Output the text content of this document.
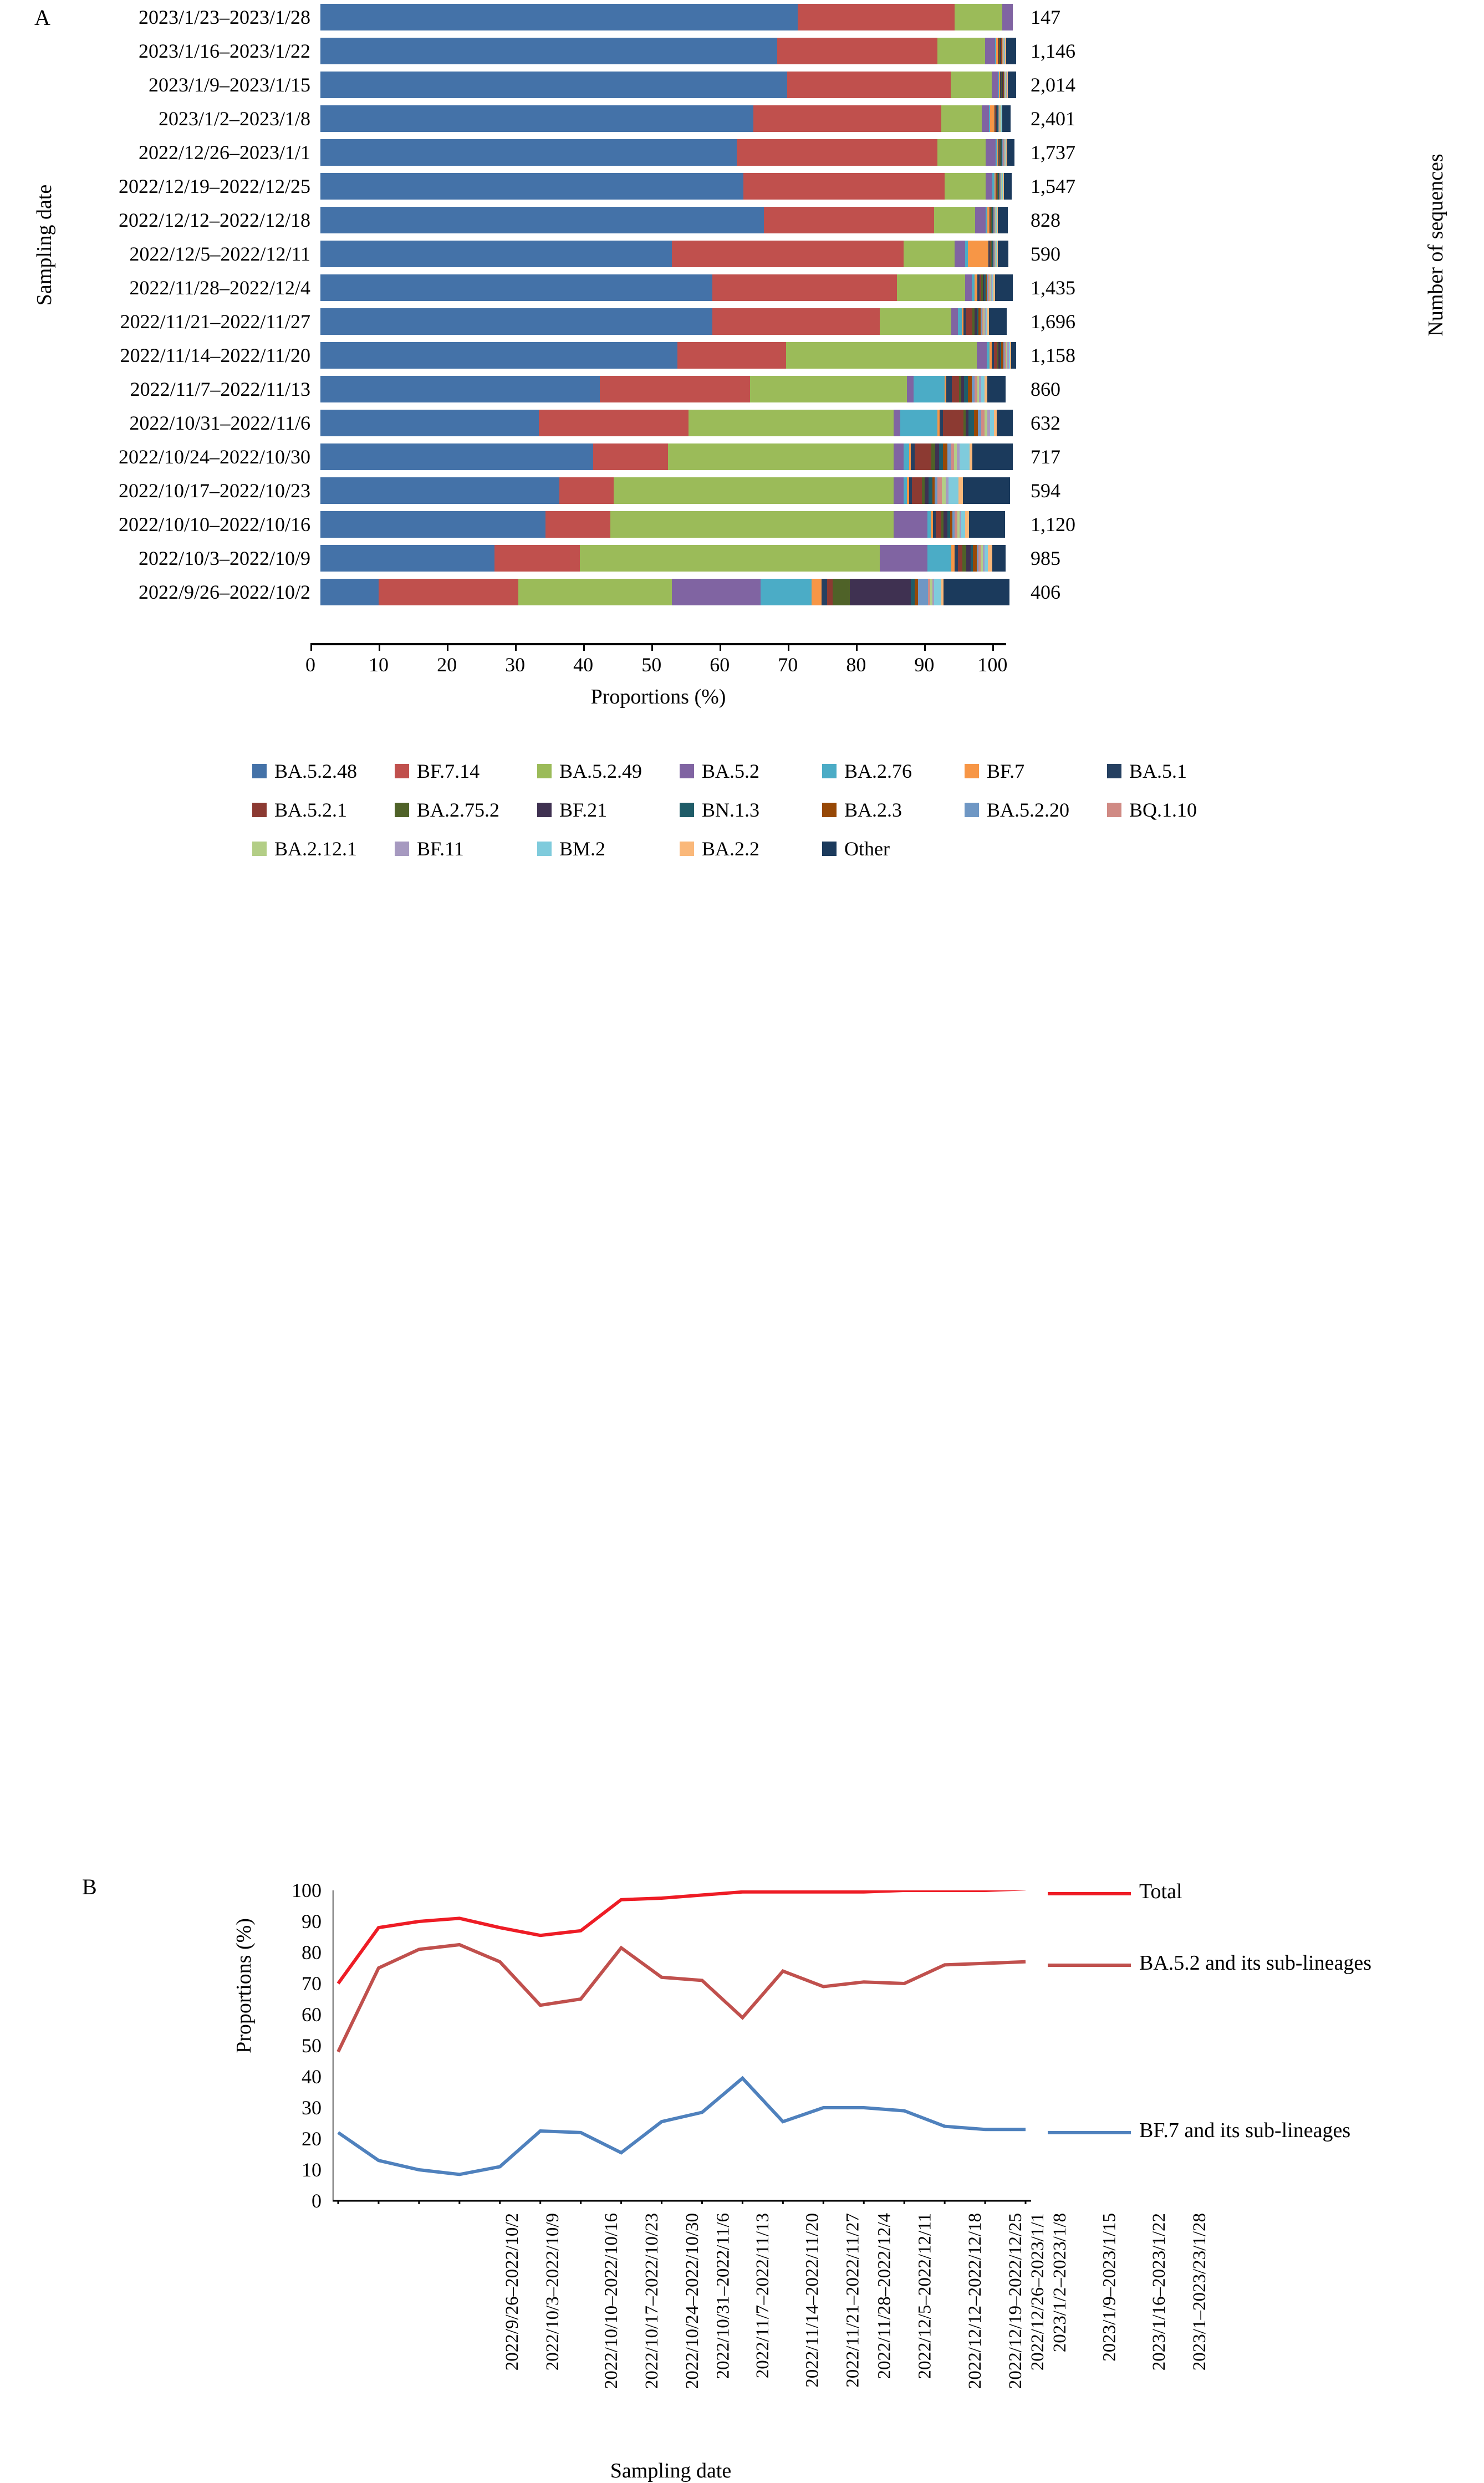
A
Sampling date	Number of sequences
2023/1/23–2023/1/28	147
2023/1/16–2023/1/22	1,146
2023/1/9–2023/1/15	2,014
2023/1/2–2023/1/8	2,401
2022/12/26–2023/1/1	1,737
2022/12/19–2022/12/25	1,547
2022/12/12–2022/12/18	828
2022/12/5–2022/12/11	590
2022/11/28–2022/12/4	1,435
2022/11/21–2022/11/27	1,696
2022/11/14–2022/11/20	1,158
2022/11/7–2022/11/13	860
2022/10/31–2022/11/6	632
2022/10/24–2022/10/30	717
2022/10/17–2022/10/23	594
2022/10/10–2022/10/16	1,120
2022/10/3–2022/10/9	985
2022/9/26–2022/10/2	406
0	10 20 30 40 50 60 70 80 90 100
Proportions (%)
BA.5.2.48	BF.7.14	BA.5.2.49	BA.5.2	BA.2.76	BF.7	BA.5.1
BA.5.2.1	BA.2.75.2	BF.21	BN.1.3	BA.2.3	BA.5.2.20	BQ.1.10
BA.2.12.1	BF.11	BM.2	BA.2.2	Other
B
Proportions (%)
Sampling date
0
10
20
30
40
50
60
70
80
90
100
2022/9/26–2022/10/2 2022/10/3–2022/10/9 2022/10/10–2022/10/16 2022/10/17–2022/10/23 2022/10/24–2022/10/30 2022/10/31–2022/11/6 2022/11/7–2022/11/13 2022/11/14–2022/11/20 2022/11/21–2022/11/27 2022/11/28–2022/12/4 2022/12/5–2022/12/11 2022/12/12–2022/12/18 2022/12/19–2022/12/25 2022/12/26–2023/1/1 2023/1/2–2023/1/8 2023/1/9–2023/1/15 2023/1/16–2023/1/22 2023/1–2023/23/1/28
Total
BA.5.2 and its sub-lineages
BF.7 and its sub-lineages
